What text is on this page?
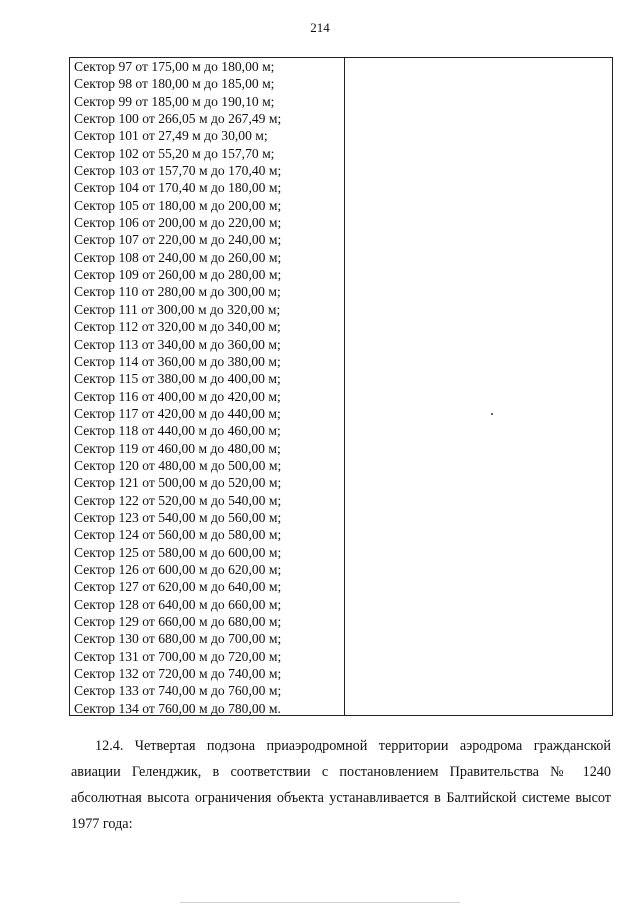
214
Сектор 97 от 175,00 м до 180,00 м;
Сектор 98 от 180,00 м до 185,00 м;
Сектор 99 от 185,00 м до 190,10 м;
Сектор 100 от 266,05 м до 267,49 м;
Сектор 101 от 27,49 м до 30,00 м;
Сектор 102 от 55,20 м до 157,70 м;
Сектор 103 от 157,70 м до 170,40 м;
Сектор 104 от 170,40 м до 180,00 м;
Сектор 105 от 180,00 м до 200,00 м;
Сектор 106 от 200,00 м до 220,00 м;
Сектор 107 от 220,00 м до 240,00 м;
Сектор 108 от 240,00 м до 260,00 м;
Сектор 109 от 260,00 м до 280,00 м;
Сектор 110 от 280,00 м до 300,00 м;
Сектор 111 от 300,00 м до 320,00 м;
Сектор 112 от 320,00 м до 340,00 м;
Сектор 113 от 340,00 м до 360,00 м;
Сектор 114 от 360,00 м до 380,00 м;
Сектор 115 от 380,00 м до 400,00 м;
Сектор 116 от 400,00 м до 420,00 м;
Сектор 117 от 420,00 м до 440,00 м;
Сектор 118 от 440,00 м до 460,00 м;
Сектор 119 от 460,00 м до 480,00 м;
Сектор 120 от 480,00 м до 500,00 м;
Сектор 121 от 500,00 м до 520,00 м;
Сектор 122 от 520,00 м до 540,00 м;
Сектор 123 от 540,00 м до 560,00 м;
Сектор 124 от 560,00 м до 580,00 м;
Сектор 125 от 580,00 м до 600,00 м;
Сектор 126 от 600,00 м до 620,00 м;
Сектор 127 от 620,00 м до 640,00 м;
Сектор 128 от 640,00 м до 660,00 м;
Сектор 129 от 660,00 м до 680,00 м;
Сектор 130 от 680,00 м до 700,00 м;
Сектор 131 от 700,00 м до 720,00 м;
Сектор 132 от 720,00 м до 740,00 м;
Сектор 133 от 740,00 м до 760,00 м;
Сектор 134 от 760,00 м до 780,00 м.

12.4. Четвертая подзона приаэродромной территории аэродрома гражданской авиации Геленджик, в соответствии с постановлением Правительства № 1240 абсолютная высота ограничения объекта устанавливается в Балтийской системе высот 1977 года:
